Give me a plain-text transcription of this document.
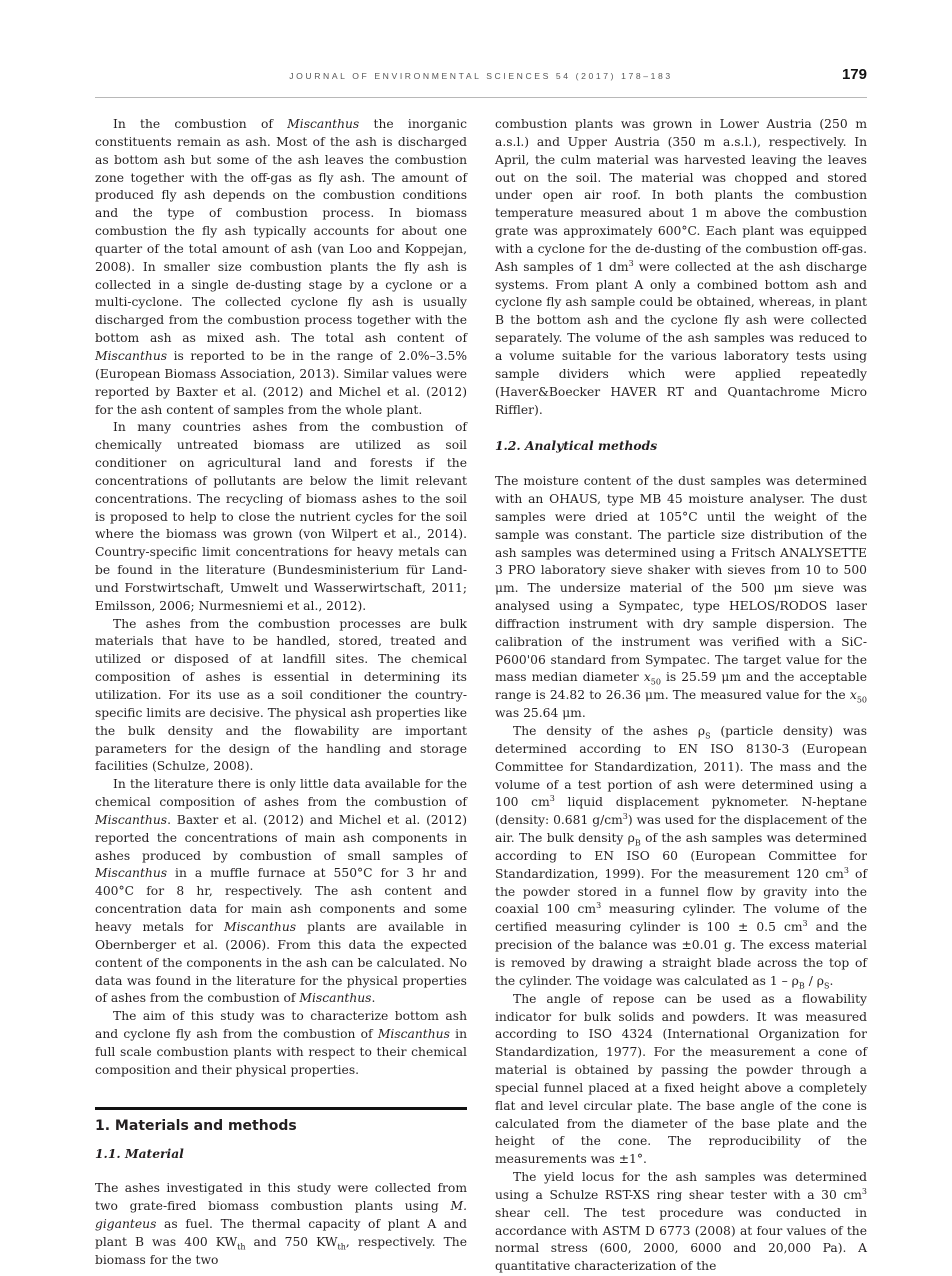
JOURNAL OF ENVIRONMENTAL SCIENCES 54 (2017) 178–183	179

In the combustion of Miscanthus the inorganic constituents remain as ash. Most of the ash is discharged as bottom ash but some of the ash leaves the combustion zone together with the off-gas as fly ash. The amount of produced fly ash depends on the combustion conditions and the type of combustion process. In biomass combustion the fly ash typically accounts for about one quarter of the total amount of ash (van Loo and Koppejan, 2008). In smaller size combustion plants the fly ash is collected in a single de-dusting stage by a cyclone or a multi-cyclone. The collected cyclone fly ash is usually discharged from the combustion process together with the bottom ash as mixed ash. The total ash content of Miscanthus is reported to be in the range of 2.0%–3.5% (European Biomass Association, 2013). Similar values were reported by Baxter et al. (2012) and Michel et al. (2012) for the ash content of samples from the whole plant.

In many countries ashes from the combustion of chemically untreated biomass are utilized as soil conditioner on agricultural land and forests if the concentrations of pollutants are below the limit relevant concentrations. The recycling of biomass ashes to the soil is proposed to help to close the nutrient cycles for the soil where the biomass was grown (von Wilpert et al., 2014). Country-specific limit concentrations for heavy metals can be found in the literature (Bundesministerium für Land- und Forstwirtschaft, Umwelt und Wasserwirtschaft, 2011; Emilsson, 2006; Nurmesniemi et al., 2012).

The ashes from the combustion processes are bulk materials that have to be handled, stored, treated and utilized or disposed of at landfill sites. The chemical composition of ashes is essential in determining its utilization. For its use as a soil conditioner the country-specific limits are decisive. The physical ash properties like the bulk density and the flowability are important parameters for the design of the handling and storage facilities (Schulze, 2008).

In the literature there is only little data available for the chemical composition of ashes from the combustion of Miscanthus. Baxter et al. (2012) and Michel et al. (2012) reported the concentrations of main ash components in ashes produced by combustion of small samples of Miscanthus in a muffle furnace at 550°C for 3 hr and 400°C for 8 hr, respectively. The ash content and concentration data for main ash components and some heavy metals for Miscanthus plants are available in Obernberger et al. (2006). From this data the expected content of the components in the ash can be calculated. No data was found in the literature for the physical properties of ashes from the combustion of Miscanthus.

The aim of this study was to characterize bottom ash and cyclone fly ash from the combustion of Miscanthus in full scale combustion plants with respect to their chemical composition and their physical properties.

1. Materials and methods
1.1. Material

The ashes investigated in this study were collected from two grate-fired biomass combustion plants using M. giganteus as fuel. The thermal capacity of plant A and plant B was 400 $KW_{th}$ and 750 $KW_{th}$, respectively. The biomass for the two

combustion plants was grown in Lower Austria (250 m a.s.l.) and Upper Austria (350 m a.s.l.), respectively. In April, the culm material was harvested leaving the leaves out on the soil. The material was chopped and stored under open air roof. In both plants the combustion temperature measured about 1 m above the combustion grate was approximately 600°C. Each plant was equipped with a cyclone for the de-dusting of the combustion off-gas. Ash samples of 1 $dm^3$ were collected at the ash discharge systems. From plant A only a combined bottom ash and cyclone fly ash sample could be obtained, whereas, in plant B the bottom ash and the cyclone fly ash were collected separately. The volume of the ash samples was reduced to a volume suitable for the various laboratory tests using sample dividers which were applied repeatedly (Haver&Boecker HAVER RT and Quantachrome Micro Riffler).

1.2. Analytical methods

The moisture content of the dust samples was determined with an OHAUS, type MB 45 moisture analyser. The dust samples were dried at 105°C until the weight of the sample was constant. The particle size distribution of the ash samples was determined using a Fritsch ANALYSETTE 3 PRO laboratory sieve shaker with sieves from 10 to 500 μm. The undersize material of the 500 μm sieve was analysed using a Sympatec, type HELOS/RODOS laser diffraction instrument with dry sample dispersion. The calibration of the instrument was verified with a SiC-P600'06 standard from Sympatec. The target value for the mass median diameter $x_{50}$ is 25.59 μm and the acceptable range is 24.82 to 26.36 μm. The measured value for the $x_{50}$ was 25.64 μm.

The density of the ashes $\rho_S$ (particle density) was determined according to EN ISO 8130-3 (European Committee for Standardization, 2011). The mass and the volume of a test portion of ash were determined using a 100 $cm^3$ liquid displacement pyknometer. N-heptane (density: 0.681 $g/cm^3$) was used for the displacement of the air. The bulk density $\rho_B$ of the ash samples was determined according to EN ISO 60 (European Committee for Standardization, 1999). For the measurement 120 $cm^3$ of the powder stored in a funnel flow by gravity into the coaxial 100 $cm^3$ measuring cylinder. The volume of the certified measuring cylinder is 100 ± 0.5 $cm^3$ and the precision of the balance was ±0.01 g. The excess material is removed by drawing a straight blade across the top of the cylinder. The voidage was calculated as $1 - \rho_B / \rho_S$.

The angle of repose can be used as a flowability indicator for bulk solids and powders. It was measured according to ISO 4324 (International Organization for Standardization, 1977). For the measurement a cone of material is obtained by passing the powder through a special funnel placed at a fixed height above a completely flat and level circular plate. The base angle of the cone is calculated from the diameter of the base plate and the height of the cone. The reproducibility of the measurements was ±1°.

The yield locus for the ash samples was determined using a Schulze RST-XS ring shear tester with a 30 $cm^3$ shear cell. The test procedure was conducted in accordance with ASTM D 6773 (2008) at four values of the normal stress (600, 2000, 6000 and 20,000 Pa). A quantitative characterization of the
